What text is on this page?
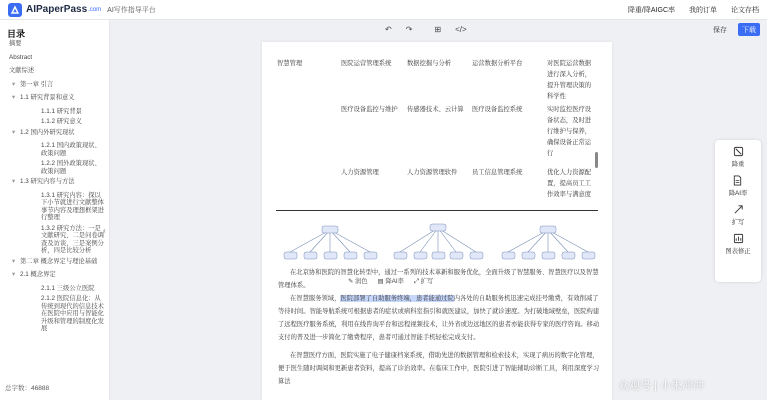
AIPaperPass .com AI写作指导平台	降重/降AIGC率 我的订单 论文存档
目录
摘要
Abstract
文献综述
▾ 第一章 引言
▾ 1.1 研究背景和意义
1.1.1 研究背景
1.1.2 研究意义
▾ 1.2 国内外研究现状
1.2.1 国内政策现状、政策问题
1.2.2 国外政策现状、政策问题
▾ 1.3 研究内容与方法
1.3.1 研究内容：探以下小节就进行文献整体事节内容及理想框架进行整理
1.3.2 研究方法：一是文献研究，二是问卷调查及访谈，三是案例分析，四是比较分析
▾ 第二章 概念界定与理论基础
▾ 2.1 概念界定
2.1.1 三级公立医院
2.1.2 医院信息化：从传统到现代的信息技术在医院中应用与智能化升级和管理的制度化发展
‹
总字数：46888
↶ ↷	⊞ </>	保存	下载
智慧管理	医院运营管理系统	数据挖掘与分析	运营数据分析平台	对医院运营数据进行深入分析，提升管理决策的科学性
医疗设备监控与维护	传感器技术、云计算	医疗设备监控系统	实时监控医疗设备状态，及时进行维护与保养，确保设备正常运行
人力资源管理	人力资源管理软件	员工信息管理系统	优化人力资源配置，提高员工工作效率与满意度
在北京协和医院的智慧化转型中，通过一系列的技术革新和服务优化，全面升级了智慧服务、智慧医疗以及智慧管理体系。
✎ 润色 ▤ 降AI率 ⤢ 扩写
在智慧服务领域，医院部署了自助服务终端，患者能通过院内各处的自助服务机迅速完成挂号缴费，有效削减了等待时间。智能导航系统可根据患者的症状或病科室指引和就医建议，加快了就诊速度。为打破地域壁垒，医院构建了远程医疗服务系统，利用在线咨询平台和远程视频技术，让外省或边远地区的患者亦能获得专家的医疗咨询。移动支付的普及进一步简化了缴费程序，患者可通过智能手机轻松完成支付。
在智慧医疗方面，医院实施了电子健康档案系统，借助先进的数据管理和检索技术，实现了病历的数字化管理，便于医生随时调阅和更新患者资料，提高了诊治效率。在临床工作中，医院引进了智能辅助诊断工具，利用深度学习算法
降重
降AI率
扩写
图表修正
众观号 | 小朱冲冲
